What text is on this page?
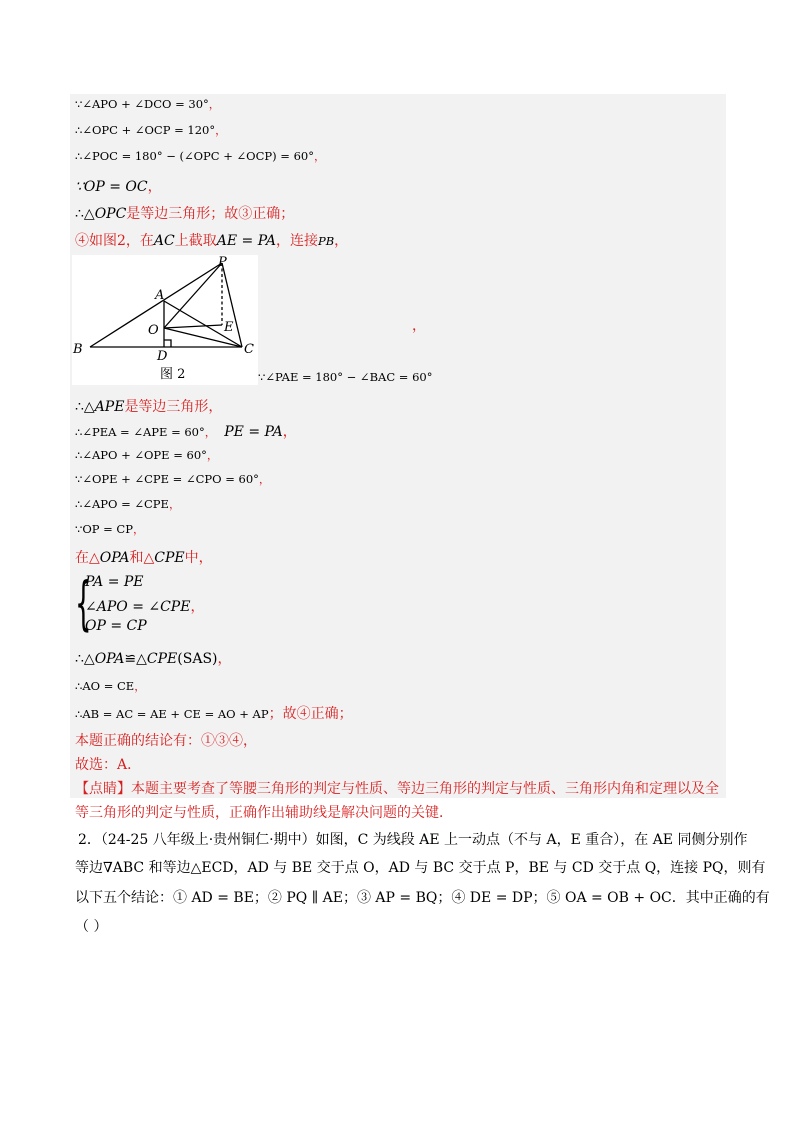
∵∠APO + ∠DCO = 30°，
∴∠OPC + ∠OCP = 120°，
∴∠POC = 180° − (∠OPC + ∠OCP) = 60°，
∵OP = OC，
∴△OPC是等边三角形；故③正确；
④如图2，在AC上截取AE = PA，连接PB，
P
A
O	E
B	D	C
图 2
，
∵∠PAE = 180° − ∠BAC = 60°
∴△APE是等边三角形，
∴∠PEA = ∠APE = 60°， PE = PA，
∴∠APO + ∠OPE = 60°，
∵∠OPE + ∠CPE = ∠CPO = 60°，
∴∠APO = ∠CPE，
∵OP = CP，
在△OPA和△CPE中，
{
PA = PE
∠APO = ∠CPE，
OP = CP
∴△OPA≌△CPE(SAS)，
∴AO = CE，
∴AB = AC = AE + CE = AO + AP；故④正确；
本题正确的结论有：①③④，
故选：A．
【点睛】本题主要考查了等腰三角形的判定与性质、等边三角形的判定与性质、三角形内角和定理以及全
等三角形的判定与性质，正确作出辅助线是解决问题的关键．
2．（24-25 八年级上·贵州铜仁·期中）如图，C 为线段 AE 上一动点（不与 A，E 重合），在 AE 同侧分别作
等边∇ABC 和等边△ECD，AD 与 BE 交于点 O，AD 与 BC 交于点 P，BE 与 CD 交于点 Q，连接 PQ，则有
以下五个结论：① AD = BE；② PQ ∥ AE；③ AP = BQ；④ DE = DP；⑤ OA = OB + OC．其中正确的有
（ ）
